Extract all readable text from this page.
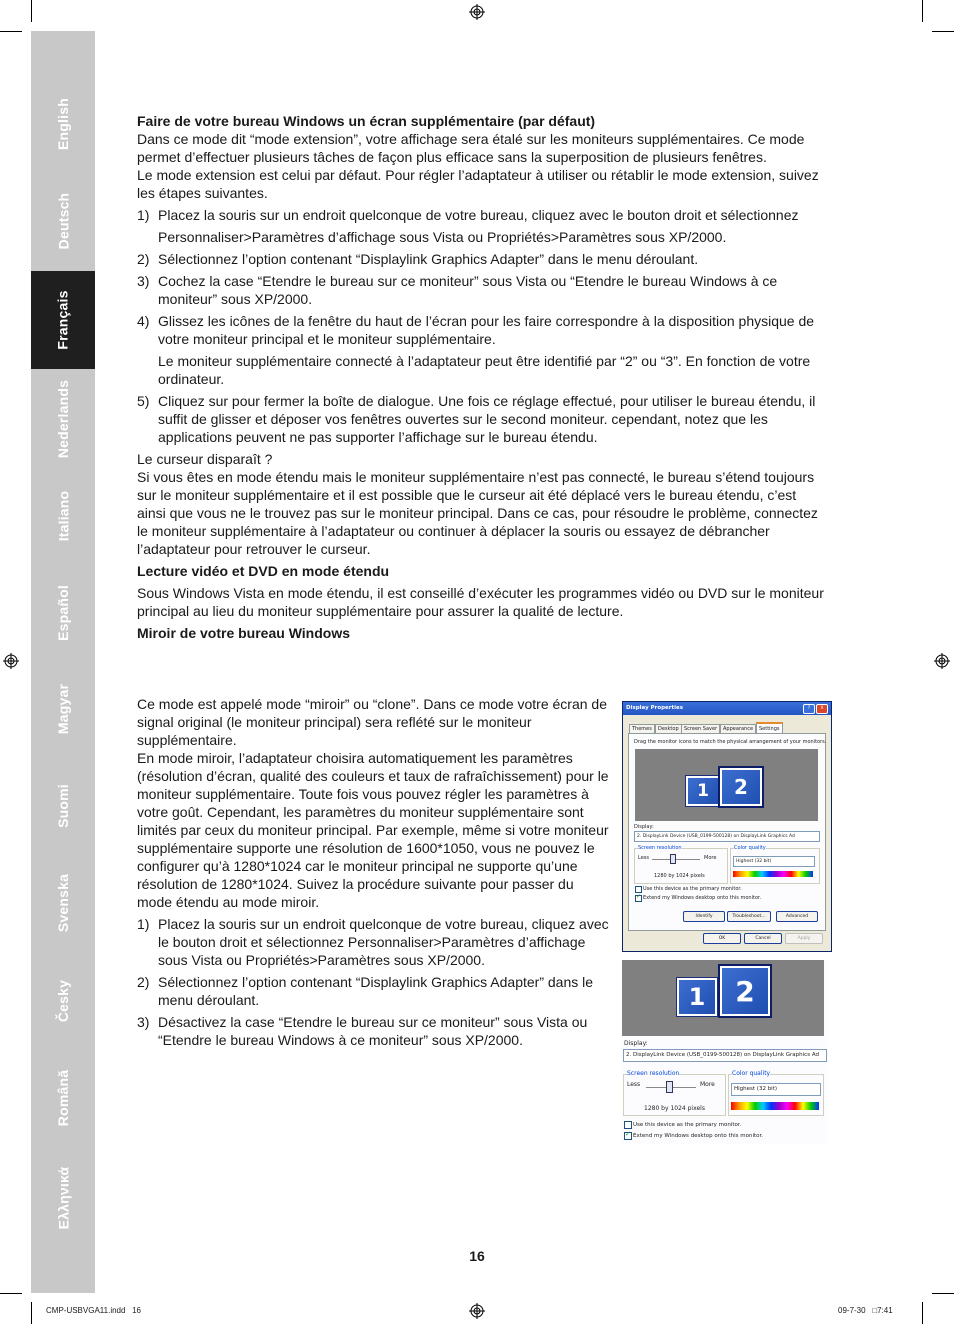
English
Deutsch
Français
Nederlands
Italiano
Español
Magyar
Suomi
Svenska
Česky
Română
Ελληνικά

Faire de votre bureau Windows un écran supplémentaire (par défaut)

Dans ce mode dit “mode extension”, votre affichage sera étalé sur les moniteurs supplémentaires. Ce mode permet d’effectuer plusieurs tâches de façon plus efficace sans la superposition de plusieurs fenêtres.

Le mode extension est celui par défaut. Pour régler l’adaptateur à utiliser ou rétablir le mode extension, suivez les étapes suivantes.

1) Placez la souris sur un endroit quelconque de votre bureau, cliquez avec le bouton droit et sélectionnez
Personnaliser>Paramètres d’affichage sous Vista ou Propriétés>Paramètres sous XP/2000.
2) Sélectionnez l’option contenant “Displaylink Graphics Adapter” dans le menu déroulant.
3) Cochez la case “Etendre le bureau sur ce moniteur” sous Vista ou “Etendre le bureau Windows à ce moniteur” sous XP/2000.
4) Glissez les icônes de la fenêtre du haut de l’écran pour les faire correspondre à la disposition physique de votre moniteur principal et le moniteur supplémentaire.
Le moniteur supplémentaire connecté à l’adaptateur peut être identifié par “2” ou “3”. En fonction de votre ordinateur.
5) Cliquez sur pour fermer la boîte de dialogue. Une fois ce réglage effectué, pour utiliser le bureau étendu, il suffit de glisser et déposer vos fenêtres ouvertes sur le second moniteur. cependant, notez que les applications peuvent ne pas supporter l’affichage sur le bureau étendu.

Le curseur disparaît ?

Si vous êtes en mode étendu mais le moniteur supplémentaire n’est pas connecté, le bureau s’étend toujours sur le moniteur supplémentaire et il est possible que le curseur ait été déplacé vers le bureau étendu, c’est ainsi que vous ne le trouvez pas sur le moniteur principal. Dans ce cas, pour résoudre le problème, connectez le moniteur supplémentaire à l’adaptateur ou continuer à déplacer la souris ou essayez de débrancher l’adaptateur pour retrouver le curseur.

Lecture vidéo et DVD en mode étendu

Sous Windows Vista en mode étendu, il est conseillé d’exécuter les programmes vidéo ou DVD sur le moniteur principal au lieu du moniteur supplémentaire pour assurer la qualité de lecture.

Miroir de votre bureau Windows

Ce mode est appelé mode “miroir” ou “clone”. Dans ce mode votre écran de signal original (le moniteur principal) sera reflété sur le moniteur supplémentaire.

En mode miroir, l’adaptateur choisira automatiquement les paramètres (résolution d’écran, qualité des couleurs et taux de rafraîchissement) pour le moniteur supplémentaire. Toute fois vous pouvez régler les paramètres à votre goût. Cependant, les paramètres du moniteur supplémentaire sont limités par ceux du moniteur principal. Par exemple, même si votre moniteur supplémentaire supporte une résolution de 1600*1050, vous ne pouvez le configurer qu’à 1280*1024 car le moniteur principal ne supporte qu’une résolution de 1280*1024. Suivez la procédure suivante pour passer du mode étendu au mode miroir.

1) Placez la souris sur un endroit quelconque de votre bureau, cliquez avec le bouton droit et sélectionnez Personnaliser>Paramètres d’affichage sous Vista ou Propriétés>Paramètres sous XP/2000.
2) Sélectionnez l’option contenant “Displaylink Graphics Adapter” dans le menu déroulant.
3) Désactivez la case “Etendre le bureau sur ce moniteur” sous Vista ou “Etendre le bureau Windows à ce moniteur” sous XP/2000.
Display Properties	?	X
Themes	Desktop	Screen Saver	Appearance	Settings
Drag the monitor icons to match the physical arrangement of your monitors.
1	2
Display:
2. DisplayLink Device (USB_0199-500128) on DisplayLink Graphics Ad
Screen resolution
Less	More
1280 by 1024 pixels
Color quality
Highest (32 bit)
Use this device as the primary monitor.
✓ Extend my Windows desktop onto this monitor.
Identify	Troubleshoot...	Advanced
OK	Cancel	Apply
1	2
Display:
2. DisplayLink Device (USB_0199-500128) on DisplayLink Graphics Ad
Screen resolution
Less	More
1280 by 1024 pixels
Color quality
Highest (32 bit)
Use this device as the primary monitor.
✓ Extend my Windows desktop onto this monitor.
16
CMP-USBVGA11.indd   16	09-7-30   □7:41
